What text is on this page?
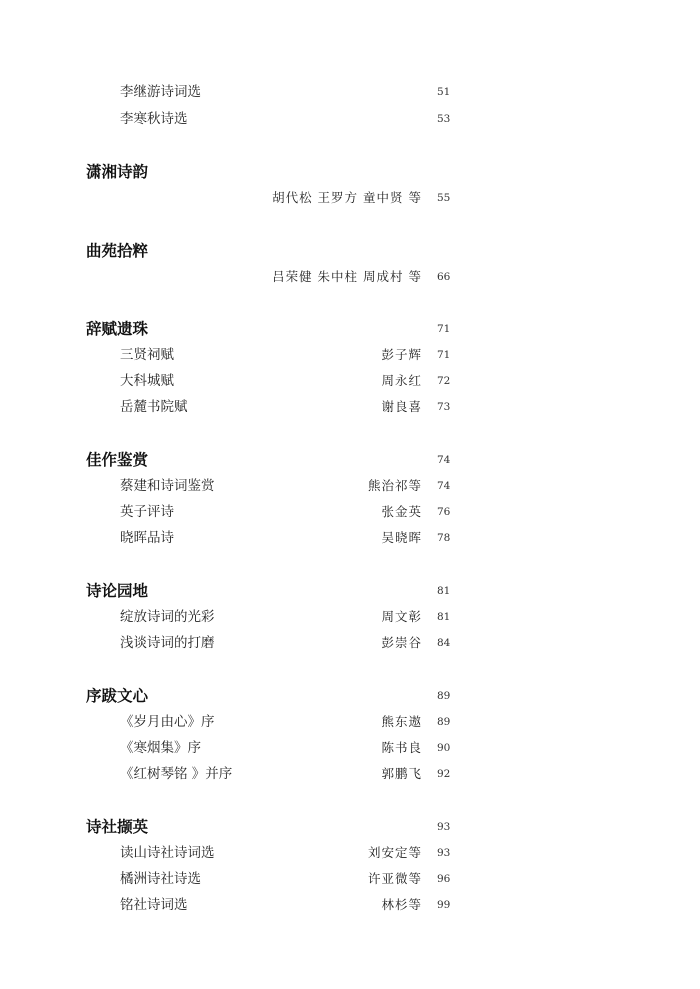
李继游诗词选	51
李寒秋诗选	53
潇湘诗韵
胡代松 王罗方 童中贤 等 55
曲苑拾粹
吕荣健 朱中柱 周成村 等 66
辞赋遗珠	71
三贤祠赋	彭子辉 71
大科城赋	周永红 72
岳麓书院赋	谢良喜 73
佳作鉴赏	74
蔡建和诗词鉴赏	熊治祁等 74
英子评诗	张金英 76
晓晖品诗	吴晓晖 78
诗论园地	81
绽放诗词的光彩	周文彰 81
浅谈诗词的打磨	彭崇谷 84
序跋文心	89
《岁月由心》序	熊东遨 89
《寒烟集》序	陈书良 90
《红树琴铭 》并序	郭鹏飞 92
诗社撷英	93
读山诗社诗词选	刘安定等 93
橘洲诗社诗选	许亚微等 96
铭社诗词选	林杉等 99
